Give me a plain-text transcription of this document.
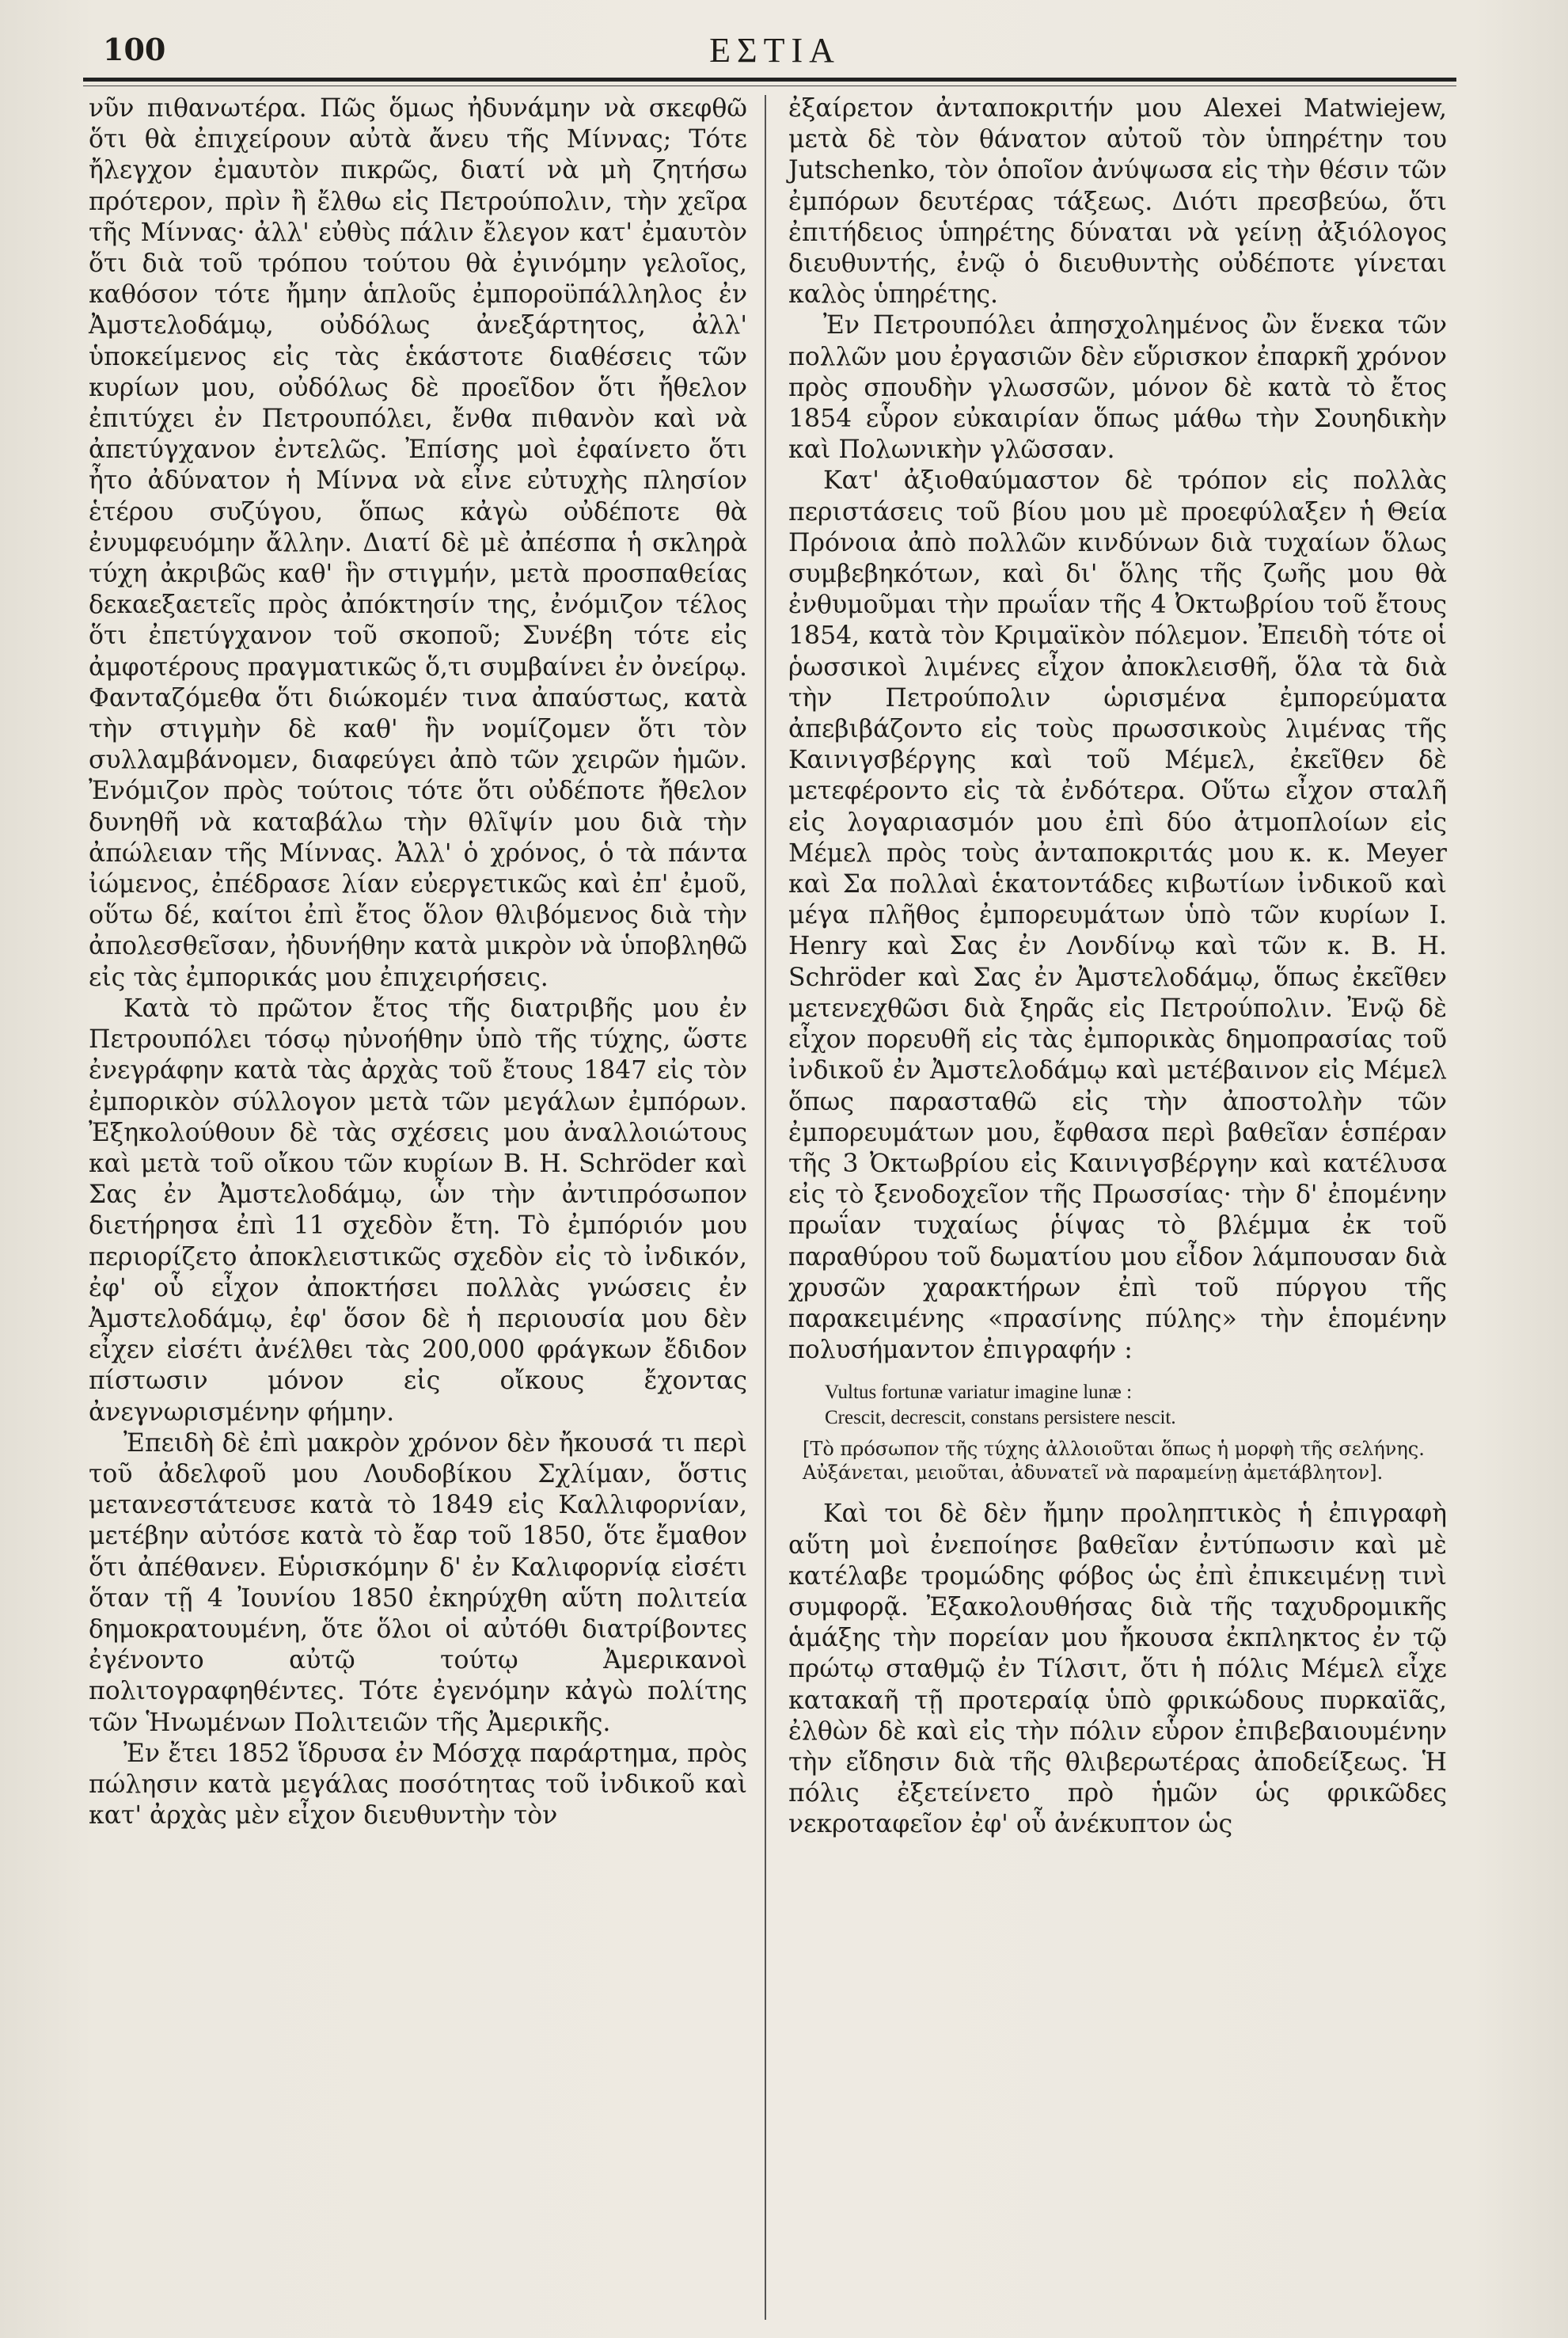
100	ΕΣΤΙΑ

νῦν πιθανωτέρα. Πῶς ὅμως ἠδυνάμην νὰ σκεφθῶ ὅτι θὰ ἐπιχείρουν αὐτὰ ἄνευ τῆς Μίννας; Τότε ἤλεγχον ἐμαυτὸν πικρῶς, διατί νὰ μὴ ζητήσω πρότερον, πρὶν ἢ ἔλθω εἰς Πετρούπολιν, τὴν χεῖρα τῆς Μίννας· ἀλλ' εὐθὺς πάλιν ἔλεγον κατ' ἐμαυτὸν ὅτι διὰ τοῦ τρόπου τούτου θὰ ἐγινόμην γελοῖος, καθόσον τότε ἤμην ἁπλοῦς ἐμπορoϋπάλληλος ἐν Ἀμστελοδάμῳ, οὐδόλως ἀνεξάρτητος, ἀλλ' ὑποκείμενος εἰς τὰς ἑκάστοτε διαθέσεις τῶν κυρίων μου, οὐδόλως δὲ προεῖδον ὅτι ἤθελον ἐπιτύχει ἐν Πετρουπόλει, ἔνθα πιθανὸν καὶ νὰ ἀπετύγχανον ἐντελῶς. Ἐπίσης μοὶ ἐφαίνετο ὅτι ἦτο ἀδύνατον ἡ Μίννα νὰ εἶνε εὐτυχὴς πλησίον ἑτέρου συζύγου, ὅπως κἀγὼ οὐδέποτε θὰ ἐνυμφευόμην ἄλλην. Διατί δὲ μὲ ἀπέσπα ἡ σκληρὰ τύχη ἀκριβῶς καθ' ἣν στιγμήν, μετὰ προσπαθείας δεκαεξαετεῖς πρὸς ἀπόκτησίν της, ἐνόμιζον τέλος ὅτι ἐπετύγχανον τοῦ σκοποῦ; Συνέβη τότε εἰς ἀμφοτέρους πραγματικῶς ὅ,τι συμβαίνει ἐν ὀνείρῳ. Φανταζόμεθα ὅτι διώκομέν τινα ἀπαύστως, κατὰ τὴν στιγμὴν δὲ καθ' ἣν νομίζομεν ὅτι τὸν συλλαμβάνομεν, διαφεύγει ἀπὸ τῶν χειρῶν ἡμῶν. Ἐνόμιζον πρὸς τούτοις τότε ὅτι οὐδέποτε ἤθελον δυνηθῆ νὰ καταβάλω τὴν θλῖψίν μου διὰ τὴν ἀπώλειαν τῆς Μίννας. Ἀλλ' ὁ χρόνος, ὁ τὰ πάντα ἰώμενος, ἐπέδρασε λίαν εὐεργετικῶς καὶ ἐπ' ἐμοῦ, οὕτω δέ, καίτοι ἐπὶ ἔτος ὅλον θλιβόμενος διὰ τὴν ἀπολεσθεῖσαν, ἠδυνήθην κατὰ μικρὸν νὰ ὑποβληθῶ εἰς τὰς ἐμπορικάς μου ἐπιχειρήσεις.

Κατὰ τὸ πρῶτον ἔτος τῆς διατριβῆς μου ἐν Πετρουπόλει τόσῳ ηὐνοήθην ὑπὸ τῆς τύχης, ὥστε ἐνεγράφην κατὰ τὰς ἀρχὰς τοῦ ἔτους 1847 εἰς τὸν ἐμπορικὸν σύλλογον μετὰ τῶν μεγάλων ἐμπόρων. Ἐξηκολούθουν δὲ τὰς σχέσεις μου ἀναλλοιώτους καὶ μετὰ τοῦ οἴκου τῶν κυρίων B. H. Schröder καὶ Σας ἐν Ἀμστελοδάμῳ, ὧν τὴν ἀντιπρόσωπον διετήρησα ἐπὶ 11 σχεδὸν ἔτη. Τὸ ἐμπόριόν μου περιορίζετο ἀποκλειστικῶς σχεδὸν εἰς τὸ ἰνδικόν, ἐφ' οὗ εἶχον ἀποκτήσει πολλὰς γνώσεις ἐν Ἀμστελοδάμῳ, ἐφ' ὅσον δὲ ἡ περιουσία μου δὲν εἶχεν εἰσέτι ἀνέλθει τὰς 200,000 φράγκων ἔδιδον πίστωσιν μόνον εἰς οἴκους ἔχοντας ἀνεγνωρισμένην φήμην.

Ἐπειδὴ δὲ ἐπὶ μακρὸν χρόνον δὲν ἤκουσά τι περὶ τοῦ ἀδελφοῦ μου Λουδοβίκου Σχλίμαν, ὅστις μετανεστάτευσε κατὰ τὸ 1849 εἰς Καλλιφορνίαν, μετέβην αὐτόσε κατὰ τὸ ἔαρ τοῦ 1850, ὅτε ἔμαθον ὅτι ἀπέθανεν. Εὑρισκόμην δ' ἐν Καλιφορνίᾳ εἰσέτι ὅταν τῇ 4 Ἰουνίου 1850 ἐκηρύχθη αὕτη πολιτεία δημοκρατουμένη, ὅτε ὅλοι οἱ αὐτόθι διατρίβοντες ἐγένοντο αὐτῷ τούτῳ Ἀμερικανοὶ πολιτογραφηθέντες. Τότε ἐγενόμην κἀγὼ πολίτης τῶν Ἡνωμένων Πολιτειῶν τῆς Ἀμερικῆς.

Ἐν ἔτει 1852 ἵδρυσα ἐν Μόσχᾳ παράρτημα, πρὸς πώλησιν κατὰ μεγάλας ποσότητας τοῦ ἰνδικοῦ καὶ κατ' ἀρχὰς μὲν εἶχον διευθυντὴν τὸν

ἐξαίρετον ἀνταποκριτήν μου Alexei Matwiejew, μετὰ δὲ τὸν θάνατον αὐτοῦ τὸν ὑπηρέτην του Jutschenko, τὸν ὁποῖον ἀνύψωσα εἰς τὴν θέσιν τῶν ἐμπόρων δευτέρας τάξεως. Διότι πρεσβεύω, ὅτι ἐπιτήδειος ὑπηρέτης δύναται νὰ γείνῃ ἀξιόλογος διευθυντής, ἐνῷ ὁ διευθυντὴς οὐδέποτε γίνεται καλὸς ὑπηρέτης.

Ἐν Πετρουπόλει ἀπησχολημένος ὢν ἕνεκα τῶν πολλῶν μου ἐργασιῶν δὲν εὕρισκον ἐπαρκῆ χρόνον πρὸς σπουδὴν γλωσσῶν, μόνον δὲ κατὰ τὸ ἔτος 1854 εὗρον εὐκαιρίαν ὅπως μάθω τὴν Σουηδικὴν καὶ Πολωνικὴν γλῶσσαν.

Κατ' ἀξιοθαύμαστον δὲ τρόπον εἰς πολλὰς περιστάσεις τοῦ βίου μου μὲ προεφύλαξεν ἡ Θεία Πρόνοια ἀπὸ πολλῶν κινδύνων διὰ τυχαίων ὅλως συμβεβηκότων, καὶ δι' ὅλης τῆς ζωῆς μου θὰ ἐνθυμοῦμαι τὴν πρωΐαν τῆς 4 Ὀκτωβρίου τοῦ ἔτους 1854, κατὰ τὸν Κριμαϊκὸν πόλεμον. Ἐπειδὴ τότε οἱ ῥωσσικοὶ λιμένες εἶχον ἀποκλεισθῆ, ὅλα τὰ διὰ τὴν Πετρούπολιν ὡρισμένα ἐμπορεύματα ἀπεβιβάζοντο εἰς τοὺς πρωσσικοὺς λιμένας τῆς Καινιγσβέργης καὶ τοῦ Μέμελ, ἐκεῖθεν δὲ μετεφέροντο εἰς τὰ ἐνδότερα. Οὕτω εἶχον σταλῆ εἰς λογαριασμόν μου ἐπὶ δύο ἀτμοπλοίων εἰς Μέμελ πρὸς τοὺς ἀνταποκριτάς μου κ. κ. Meyer καὶ Σα πολλαὶ ἑκατοντάδες κιβωτίων ἰνδικοῦ καὶ μέγα πλῆθος ἐμπορευμάτων ὑπὸ τῶν κυρίων I. Henry καὶ Σας ἐν Λονδίνῳ καὶ τῶν κ. B. H. Schröder καὶ Σας ἐν Ἀμστελοδάμῳ, ὅπως ἐκεῖθεν μετενεχθῶσι διὰ ξηρᾶς εἰς Πετρούπολιν. Ἐνῷ δὲ εἶχον πορευθῆ εἰς τὰς ἐμπορικὰς δημοπρασίας τοῦ ἰνδικοῦ ἐν Ἀμστελοδάμῳ καὶ μετέβαινον εἰς Μέμελ ὅπως παρασταθῶ εἰς τὴν ἀποστολὴν τῶν ἐμπορευμάτων μου, ἔφθασα περὶ βαθεῖαν ἑσπέραν τῆς 3 Ὀκτωβρίου εἰς Καινιγσβέργην καὶ κατέλυσα εἰς τὸ ξενοδοχεῖον τῆς Πρωσσίας· τὴν δ' ἐπομένην πρωΐαν τυχαίως ῥίψας τὸ βλέμμα ἐκ τοῦ παραθύρου τοῦ δωματίου μου εἶδον λάμπουσαν διὰ χρυσῶν χαρακτήρων ἐπὶ τοῦ πύργου τῆς παρακειμένης «πρασίνης πύλης» τὴν ἑπομένην πολυσήμαντον ἐπιγραφήν :

Vultus fortunæ variatur imagine lunæ :
Crescit, decrescit, constans persistere nescit.
[Τὸ πρόσωπον τῆς τύχης ἀλλοιοῦται ὅπως ἡ μορφὴ τῆς σελήνης. Αὐξάνεται, μειοῦται, ἀδυνατεῖ νὰ παραμείνῃ ἀμετάβλητον].

Καὶ τοι δὲ δὲν ἤμην προληπτικὸς ἡ ἐπιγραφὴ αὕτη μοὶ ἐνεποίησε βαθεῖαν ἐντύπωσιν καὶ μὲ κατέλαβε τρομώδης φόβος ὡς ἐπὶ ἐπικειμένῃ τινὶ συμφορᾷ. Ἐξακολουθήσας διὰ τῆς ταχυδρομικῆς ἁμάξης τὴν πορείαν μου ἤκουσα ἐκπληκτος ἐν τῷ πρώτῳ σταθμῷ ἐν Τίλσιτ, ὅτι ἡ πόλις Μέμελ εἶχε κατακαῆ τῇ προτεραίᾳ ὑπὸ φρικώδους πυρκαϊᾶς, ἐλθὼν δὲ καὶ εἰς τὴν πόλιν εὗρον ἐπιβεβαιουμένην τὴν εἴδησιν διὰ τῆς θλιβερωτέρας ἀποδείξεως. Ἡ πόλις ἐξετείνετο πρὸ ἡμῶν ὡς φρικῶδες νεκροταφεῖον ἐφ' οὗ ἀνέκυπτον ὡς
